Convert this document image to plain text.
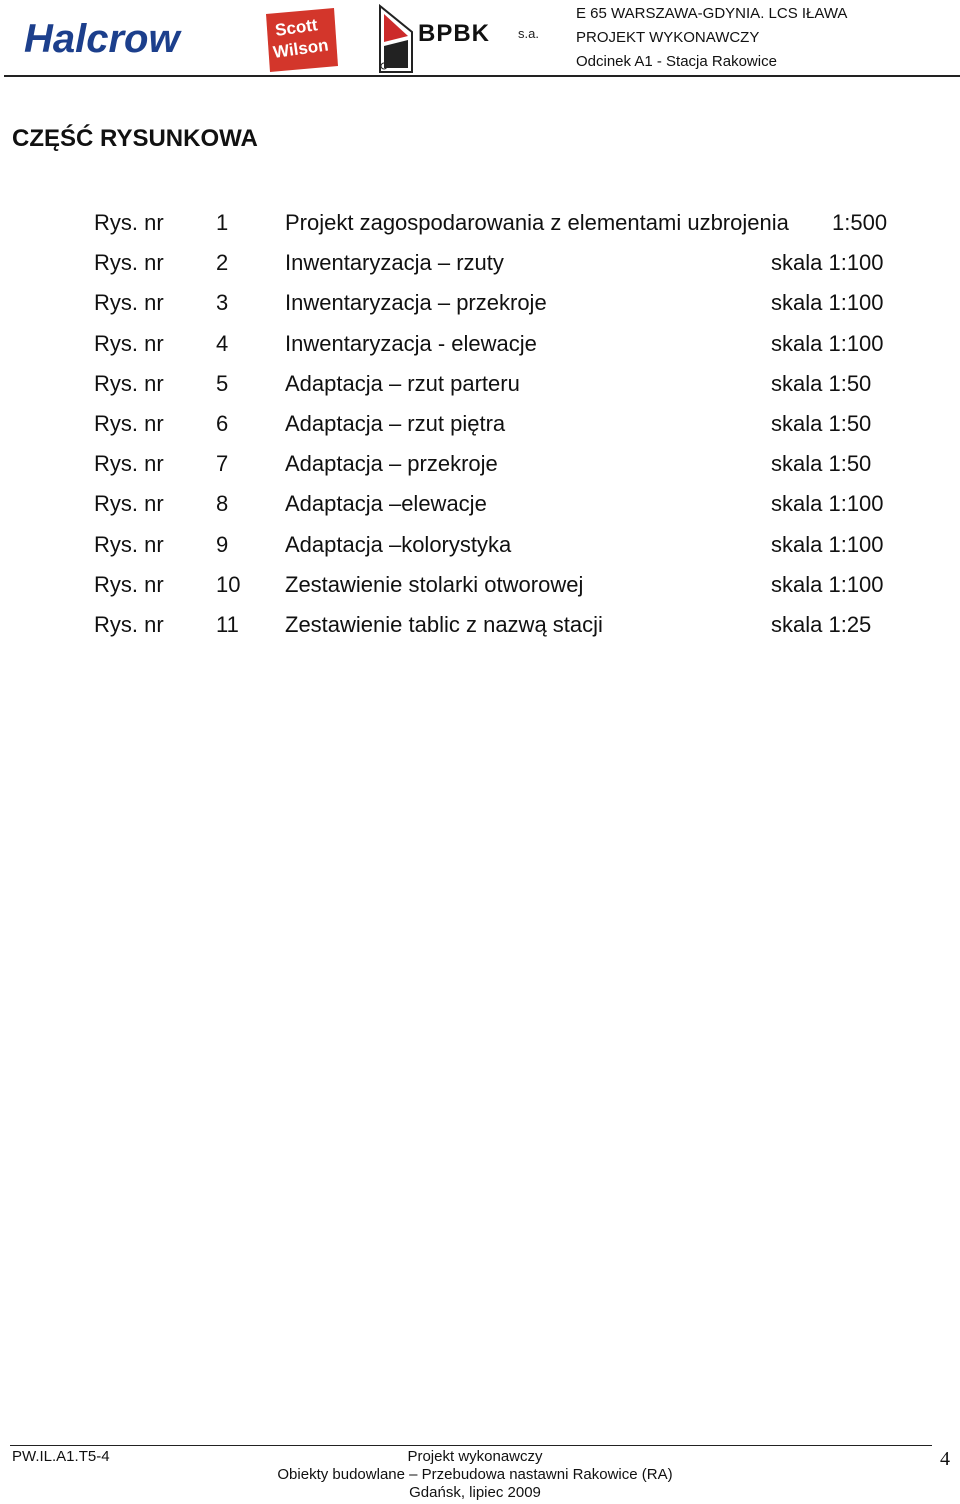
Halcrow	Scott
Wilson
BPBK s.a.
E 65 WARSZAWA-GDYNIA. LCS IŁAWA
PROJEKT WYKONAWCZY
Odcinek A1 - Stacja Rakowice
CZĘŚĆ RYSUNKOWA
Rys. nr 1	Projekt zagospodarowania z elementami uzbrojenia 1:500
Rys. nr 2	Inwentaryzacja – rzuty	skala 1:100
Rys. nr 3	Inwentaryzacja – przekroje	skala 1:100
Rys. nr 4	Inwentaryzacja - elewacje	skala 1:100
Rys. nr 5	Adaptacja – rzut parteru	skala 1:50
Rys. nr 6	Adaptacja – rzut piętra	skala 1:50
Rys. nr 7	Adaptacja – przekroje	skala 1:50
Rys. nr 8	Adaptacja –elewacje	skala 1:100
Rys. nr 9	Adaptacja –kolorystyka	skala 1:100
Rys. nr 10 Zestawienie stolarki otworowej	skala 1:100
Rys. nr 11 Zestawienie tablic z nazwą stacji	skala 1:25
PW.IL.A1.T5-4	Projekt wykonawczy
Obiekty budowlane – Przebudowa nastawni Rakowice (RA)
Gdańsk, lipiec 2009
4
